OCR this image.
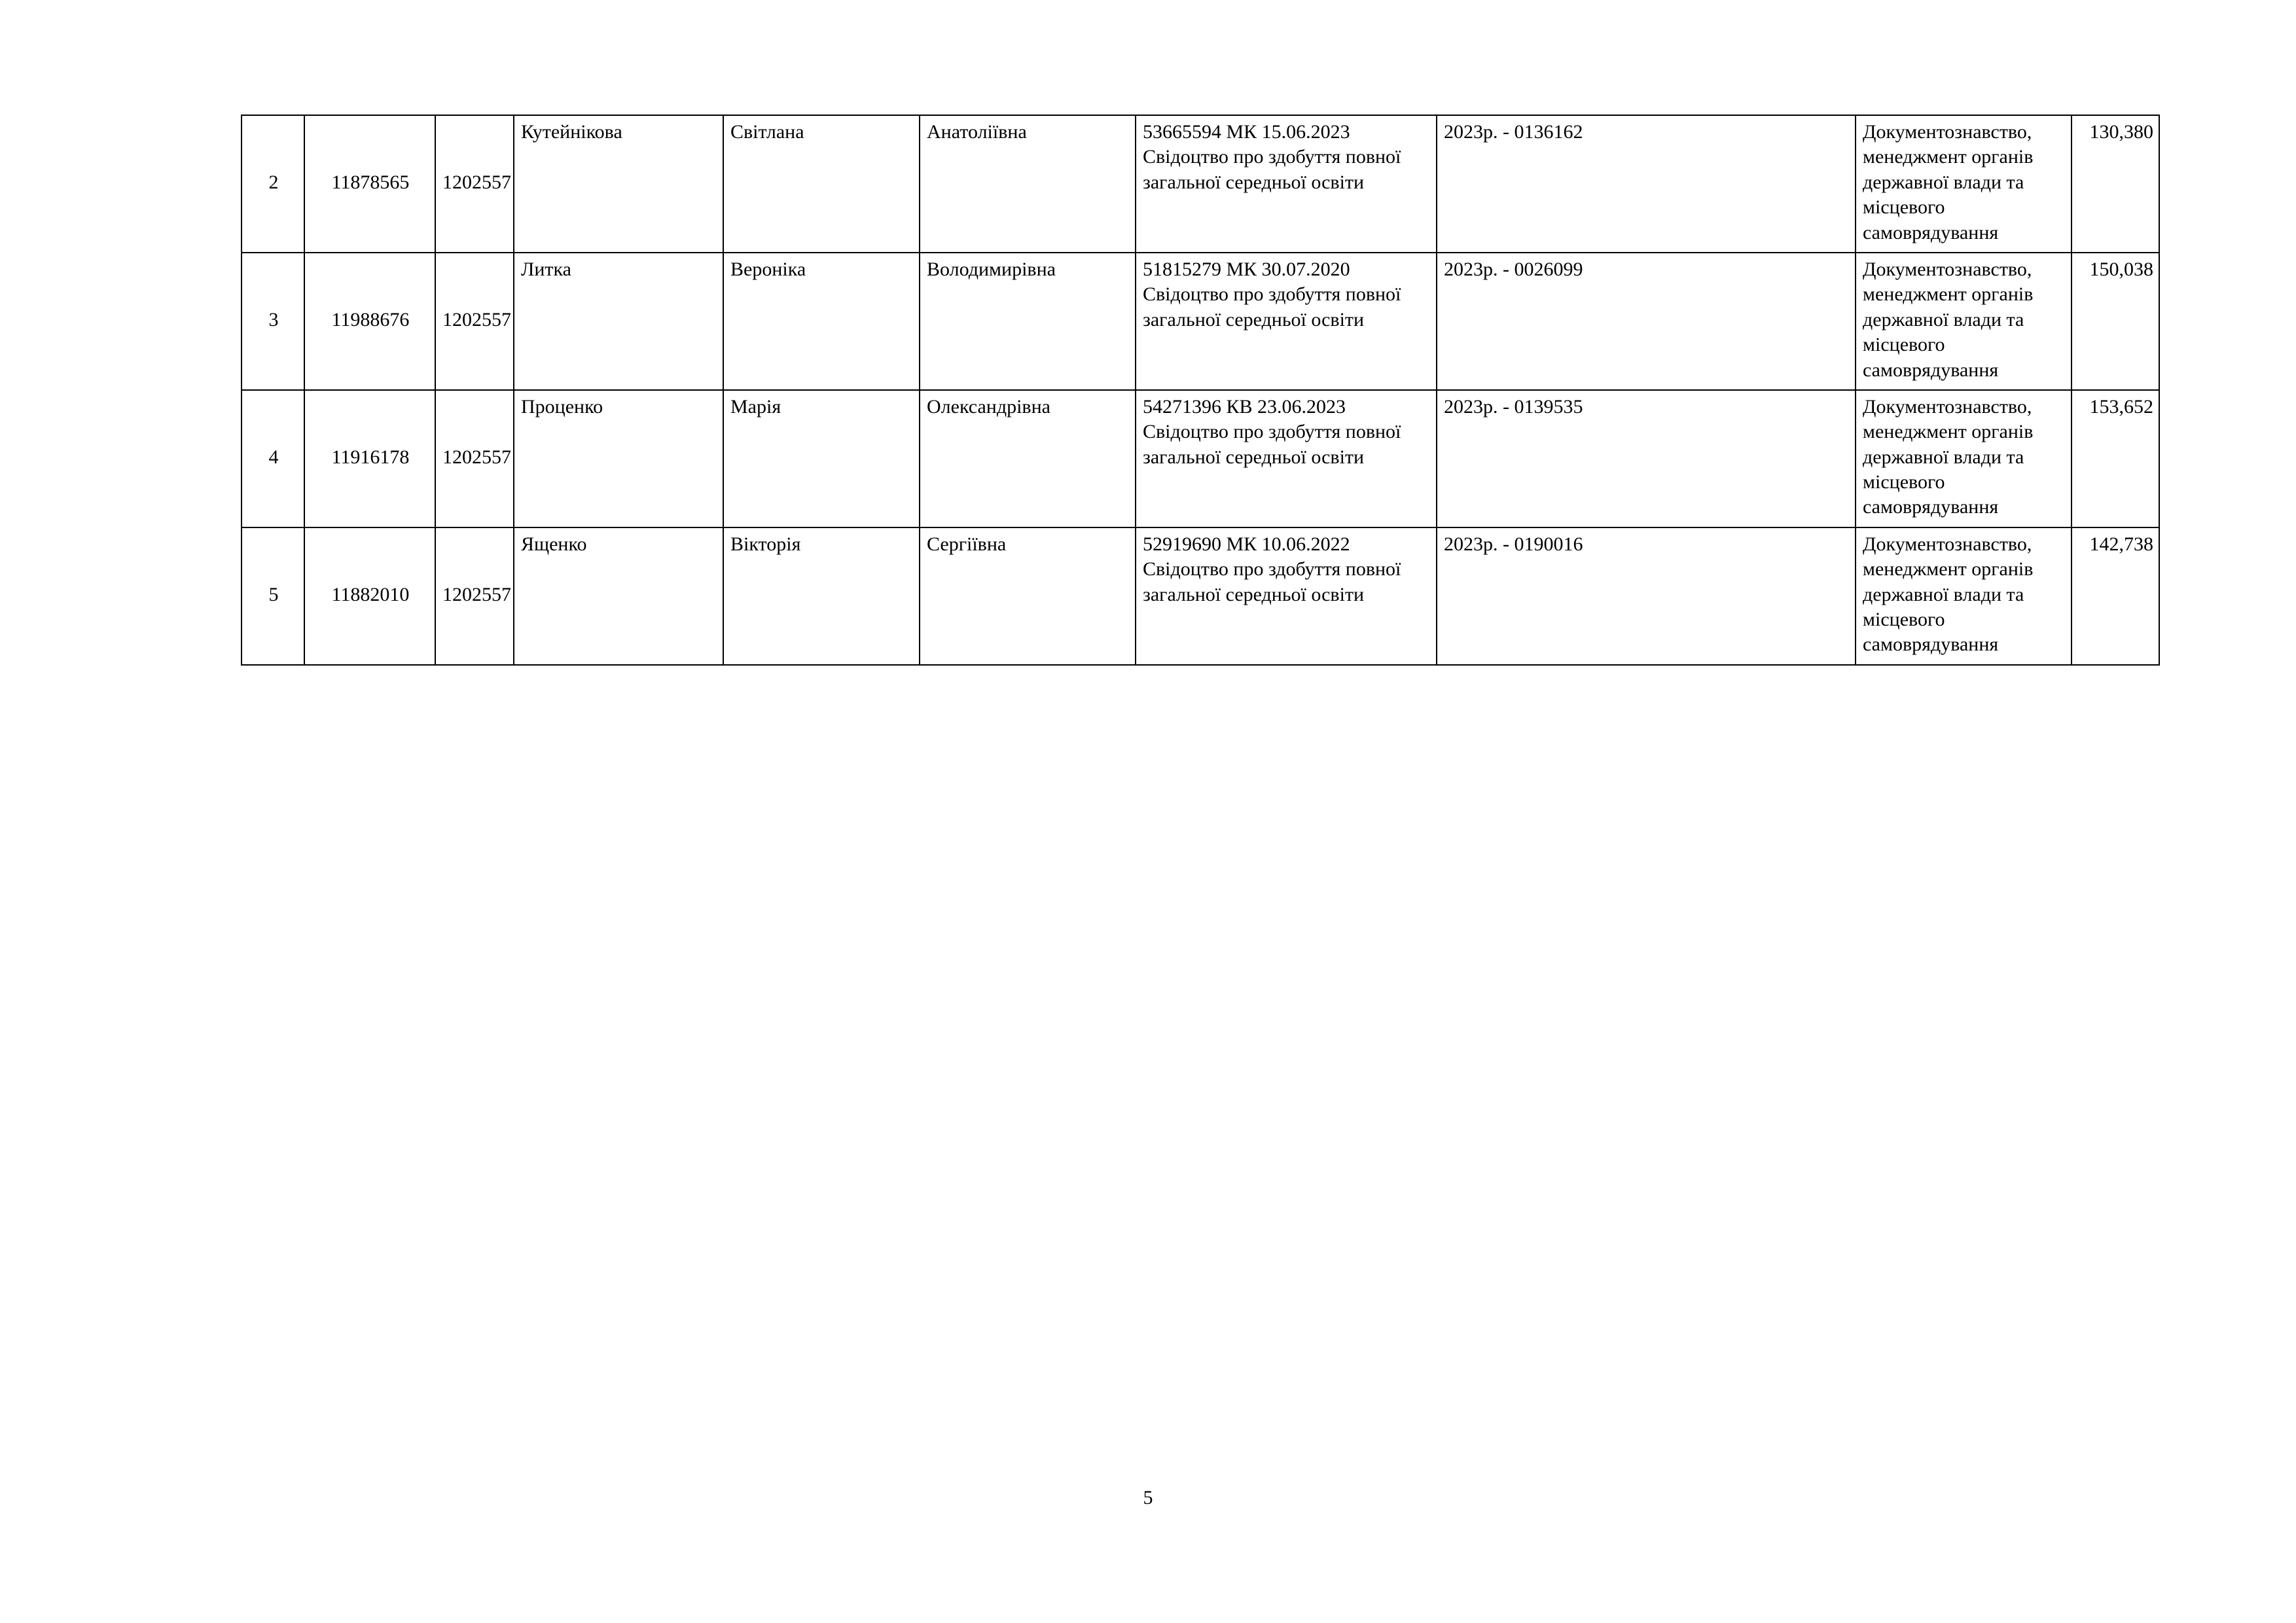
2	11878565	1202557	Кутейнікова	Світлана	Анатоліївна	53665594 МК 15.06.2023 Свідоцтво про здобуття повної загальної середньої освіти	2023р. - 0136162	Документознавство, менеджмент органів державної влади та місцевого самоврядування	130,380
3	11988676	1202557	Литка	Вероніка	Володимирівна	51815279 МК 30.07.2020 Свідоцтво про здобуття повної загальної середньої освіти	2023р. - 0026099	Документознавство, менеджмент органів державної влади та місцевого самоврядування	150,038
4	11916178	1202557	Проценко	Марія	Олександрівна	54271396 КВ 23.06.2023 Свідоцтво про здобуття повної загальної середньої освіти	2023р. - 0139535	Документознавство, менеджмент органів державної влади та місцевого самоврядування	153,652
5	11882010	1202557	Ященко	Вікторія	Сергіївна	52919690 МК 10.06.2022 Свідоцтво про здобуття повної загальної середньої освіти	2023р. - 0190016	Документознавство, менеджмент органів державної влади та місцевого самоврядування	142,738
5
